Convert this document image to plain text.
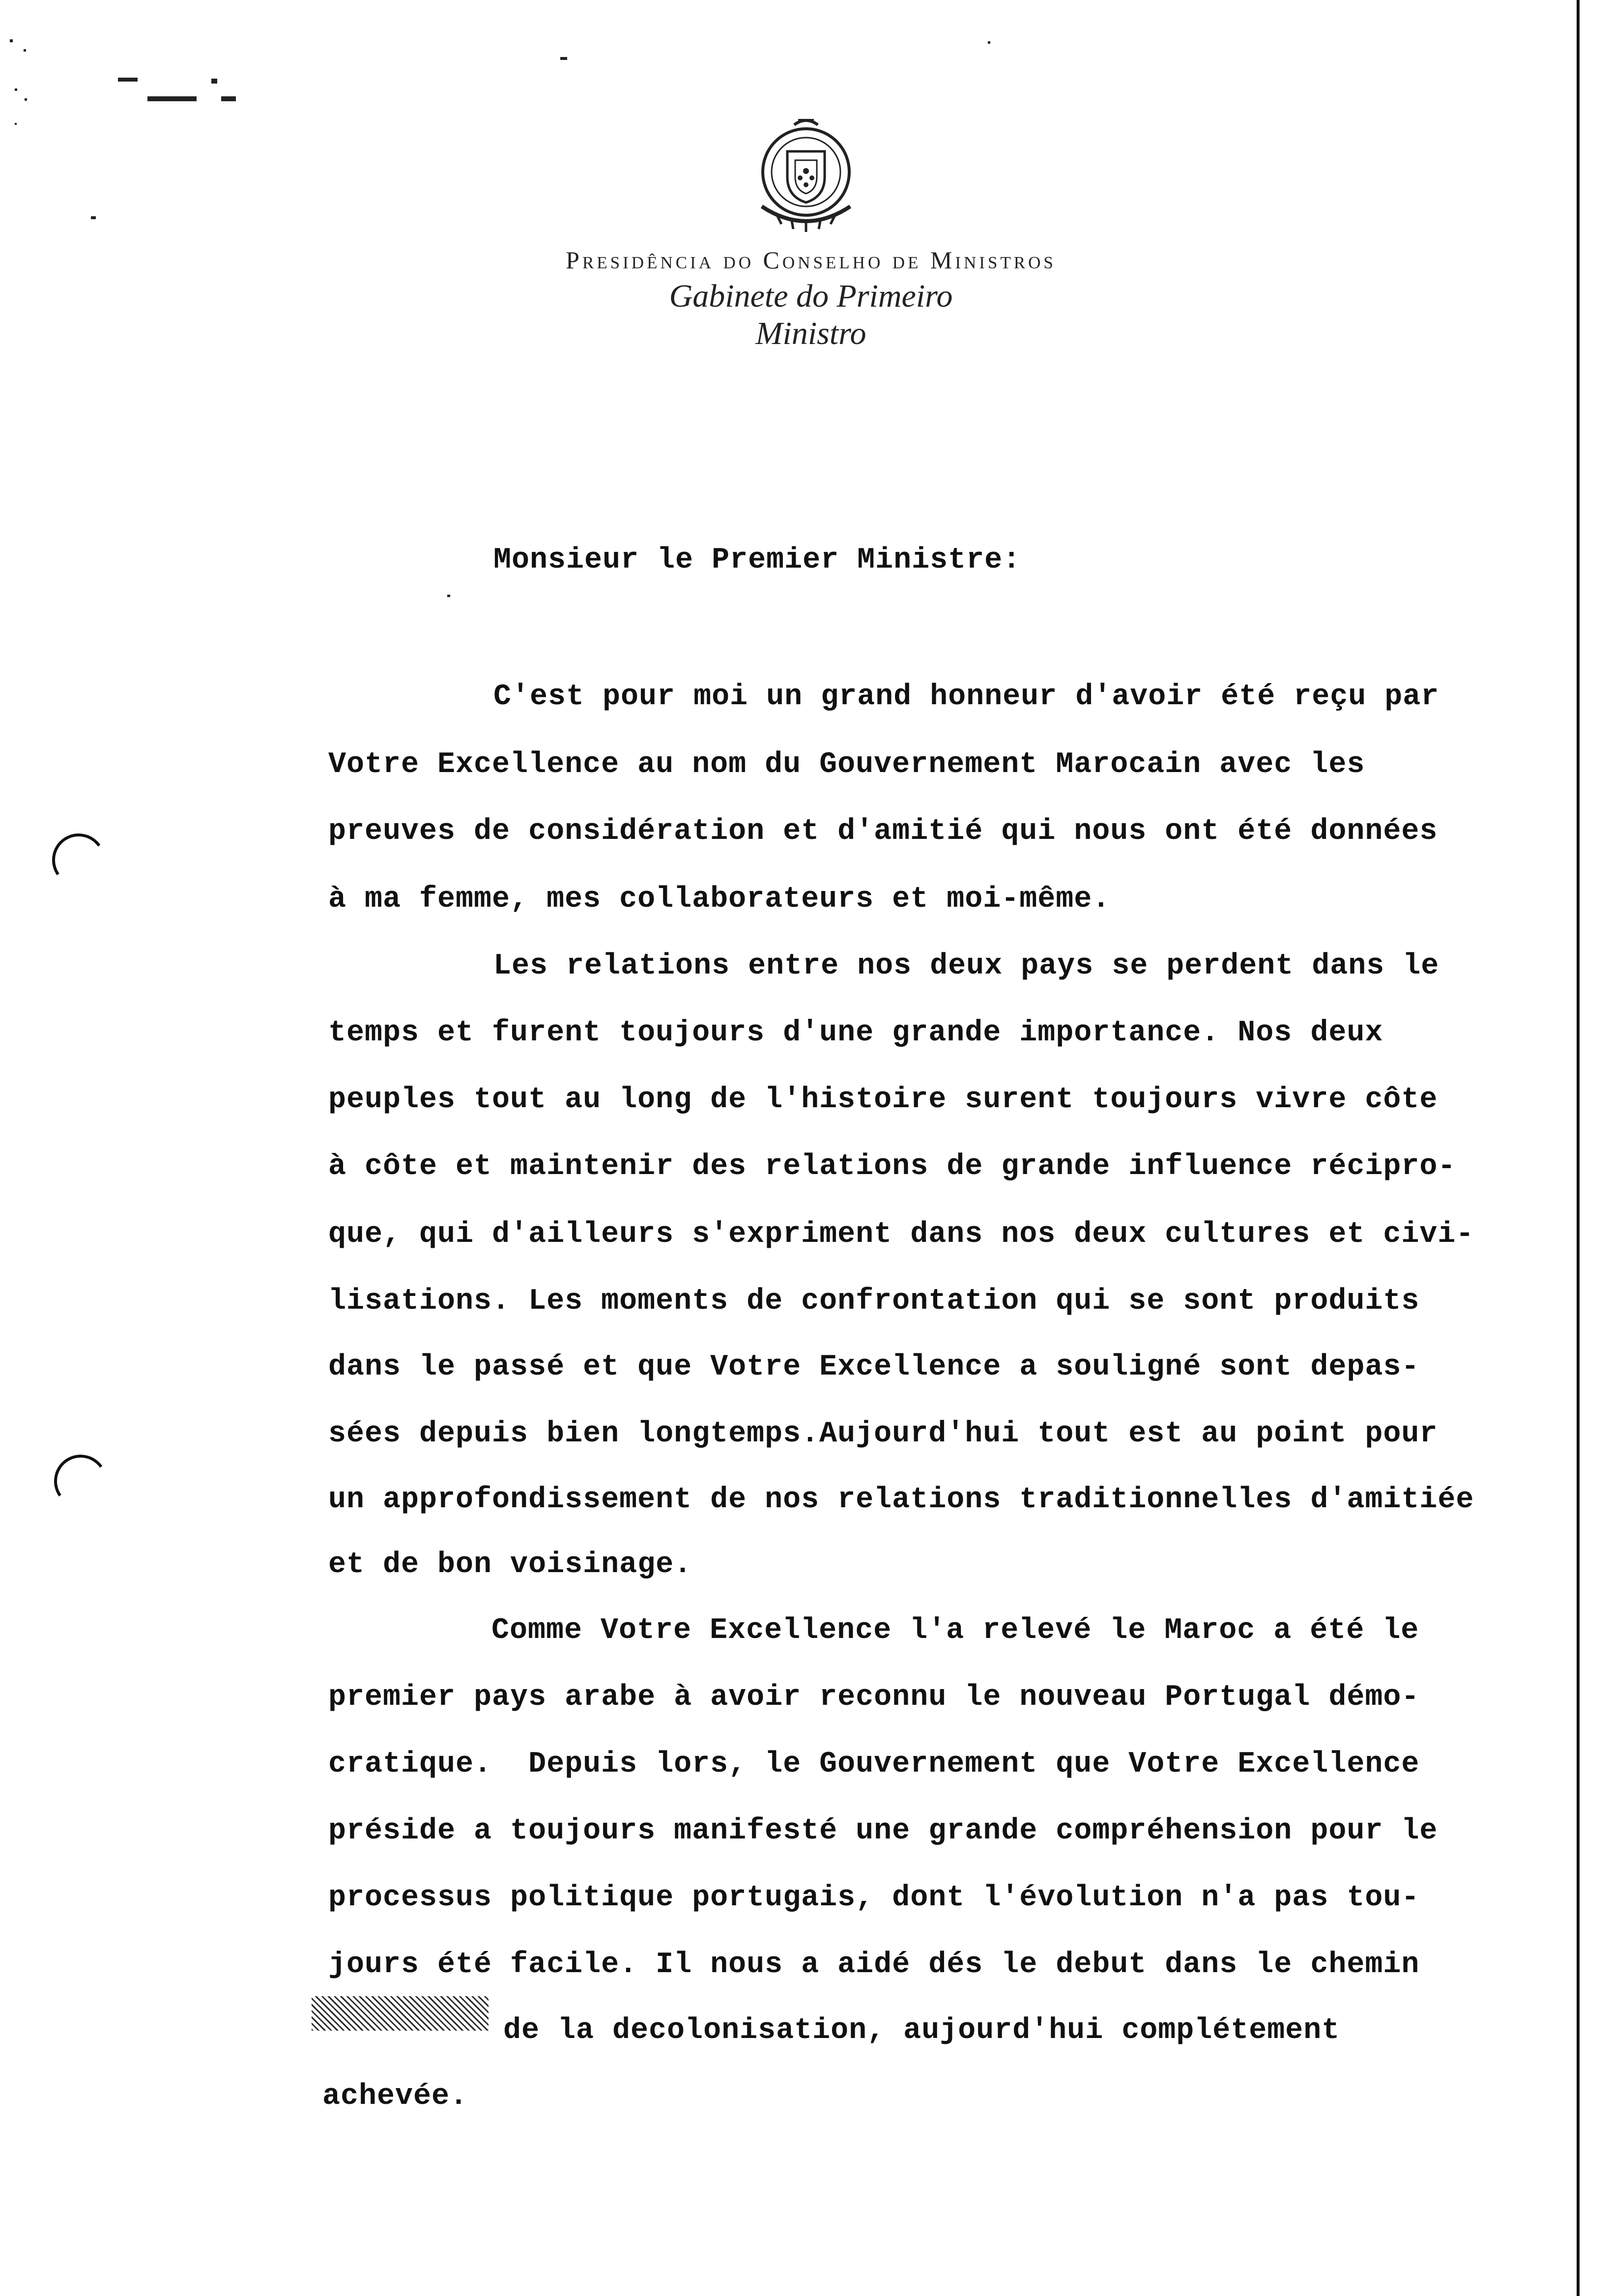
Presidência do Conselho de Ministros
Gabinete do Primeiro Ministro
Monsieur le Premier Ministre:
C'est pour moi un grand honneur d'avoir été reçu par
Votre Excellence au nom du Gouvernement Marocain avec les
preuves de considération et d'amitié qui nous ont été données
à ma femme, mes collaborateurs et moi-même.
Les relations entre nos deux pays se perdent dans le
temps et furent toujours d'une grande importance. Nos deux
peuples tout au long de l'histoire surent toujours vivre côte
à côte et maintenir des relations de grande influence récipro-
que, qui d'ailleurs s'expriment dans nos deux cultures et civi-
lisations. Les moments de confrontation qui se sont produits
dans le passé et que Votre Excellence a souligné sont depas-
sées depuis bien longtemps.Aujourd'hui tout est au point pour
un approfondissement de nos relations traditionnelles d'amitiée
et de bon voisinage.
Comme Votre Excellence l'a relevé le Maroc a été le
premier pays arabe à avoir reconnu le nouveau Portugal démo-
cratique.  Depuis lors, le Gouvernement que Votre Excellence
préside a toujours manifesté une grande compréhension pour le
processus politique portugais, dont l'évolution n'a pas tou-
jours été facile. Il nous a aidé dés le debut dans le chemin
de la decolonisation, aujourd'hui complétement
achevée.
